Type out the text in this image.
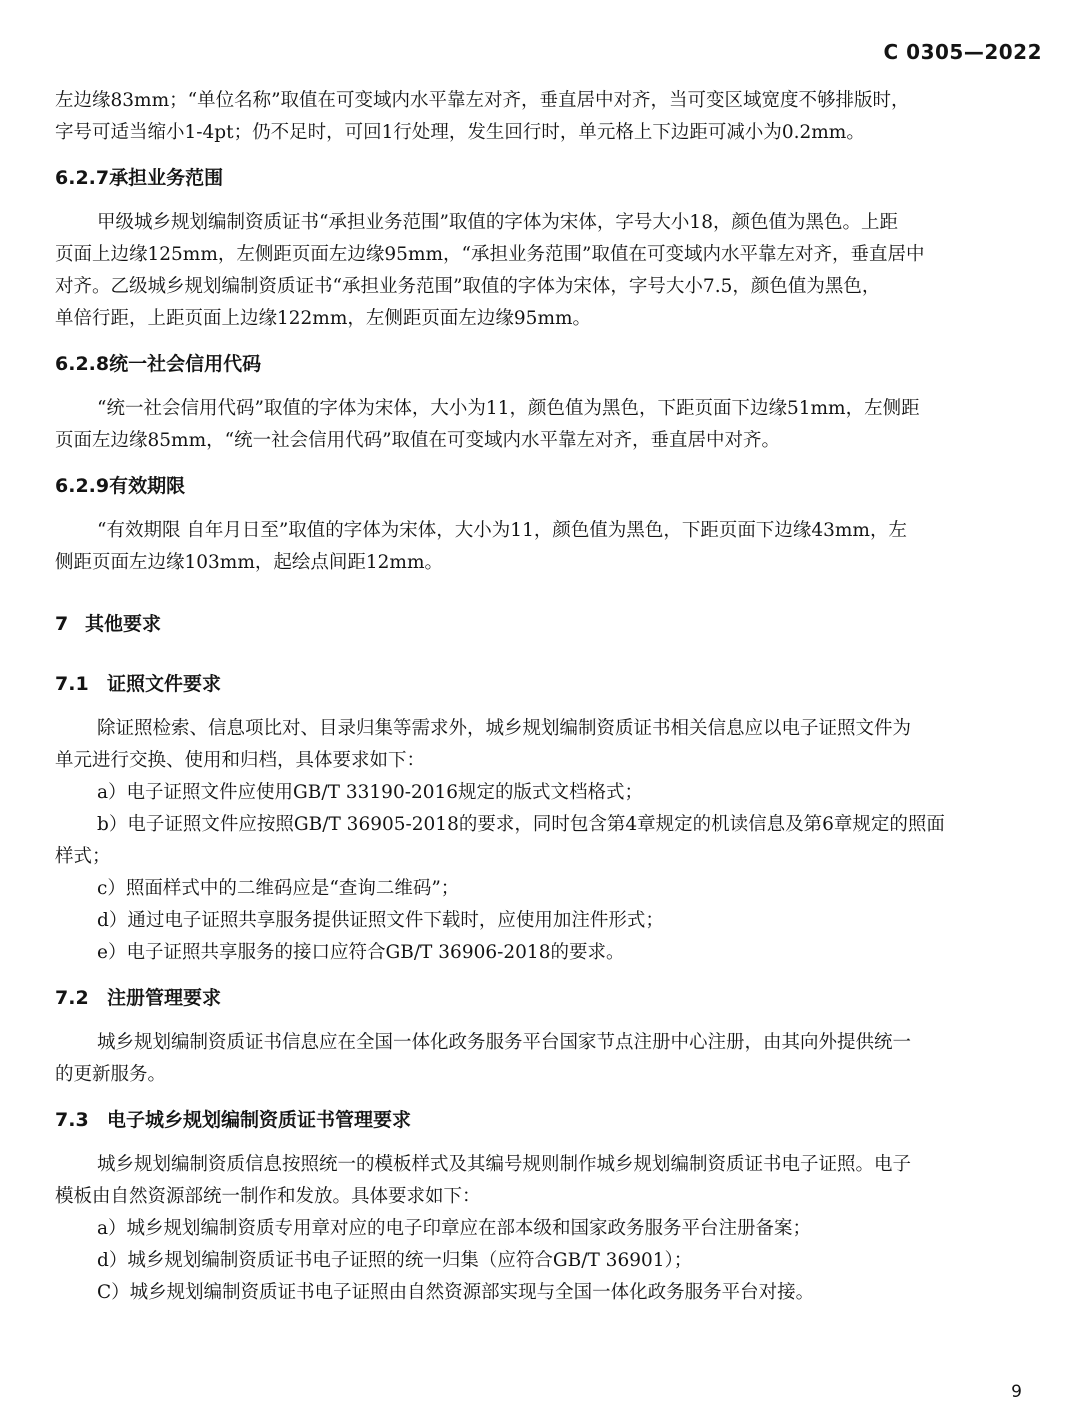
C 0305—2022

左边缘83mm；“单位名称”取值在可变域内水平靠左对齐，垂直居中对齐，当可变区域宽度不够排版时，

字号可适当缩小1-4pt；仍不足时，可回1行处理，发生回行时，单元格上下边距可减小为0.2mm。

6.2.7承担业务范围

甲级城乡规划编制资质证书“承担业务范围”取值的字体为宋体，字号大小18，颜色值为黑色。上距

页面上边缘125mm，左侧距页面左边缘95mm，“承担业务范围”取值在可变域内水平靠左对齐，垂直居中

对齐。乙级城乡规划编制资质证书“承担业务范围”取值的字体为宋体，字号大小7.5，颜色值为黑色，

单倍行距，上距页面上边缘122mm，左侧距页面左边缘95mm。

6.2.8统一社会信用代码

“统一社会信用代码”取值的字体为宋体，大小为11，颜色值为黑色，下距页面下边缘51mm，左侧距

页面左边缘85mm，“统一社会信用代码”取值在可变域内水平靠左对齐，垂直居中对齐。

6.2.9有效期限

“有效期限 自年月日至”取值的字体为宋体，大小为11，颜色值为黑色，下距页面下边缘43mm，左

侧距页面左边缘103mm，起绘点间距12mm。

7 其他要求
7.1 证照文件要求

除证照检索、信息项比对、目录归集等需求外，城乡规划编制资质证书相关信息应以电子证照文件为

单元进行交换、使用和归档，具体要求如下：

a）电子证照文件应使用GB/T 33190-2016规定的版式文档格式；

b）电子证照文件应按照GB/T 36905-2018的要求，同时包含第4章规定的机读信息及第6章规定的照面

样式；

c）照面样式中的二维码应是“查询二维码”；

d）通过电子证照共享服务提供证照文件下载时，应使用加注件形式；

e）电子证照共享服务的接口应符合GB/T 36906-2018的要求。

7.2 注册管理要求

城乡规划编制资质证书信息应在全国一体化政务服务平台国家节点注册中心注册，由其向外提供统一

的更新服务。

7.3 电子城乡规划编制资质证书管理要求

城乡规划编制资质信息按照统一的模板样式及其编号规则制作城乡规划编制资质证书电子证照。电子

模板由自然资源部统一制作和发放。具体要求如下：

a）城乡规划编制资质专用章对应的电子印章应在部本级和国家政务服务平台注册备案；

d）城乡规划编制资质证书电子证照的统一归集（应符合GB/T 36901）；

C）城乡规划编制资质证书电子证照由自然资源部实现与全国一体化政务服务平台对接。

9
